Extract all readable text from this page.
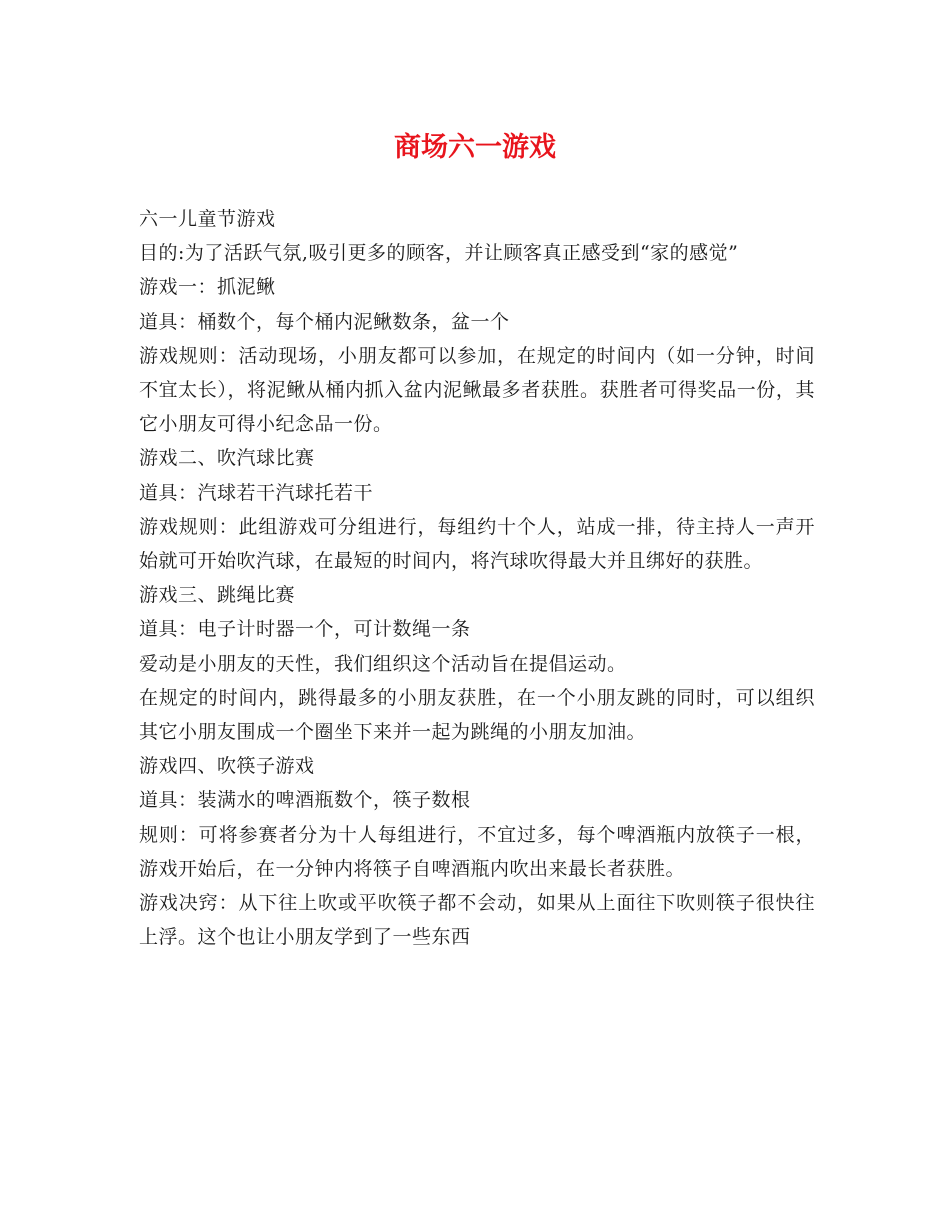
商场六一游戏

六一儿童节游戏

目的:为了活跃气氛,吸引更多的顾客，并让顾客真正感受到“家的感觉”

游戏一：抓泥鳅

道具：桶数个，每个桶内泥鳅数条，盆一个

游戏规则：活动现场，小朋友都可以参加，在规定的时间内（如一分钟，时间不宜太长），将泥鳅从桶内抓入盆内泥鳅最多者获胜。获胜者可得奖品一份，其它小朋友可得小纪念品一份。

游戏二、吹汽球比赛

道具：汽球若干汽球托若干

游戏规则：此组游戏可分组进行，每组约十个人，站成一排，待主持人一声开始就可开始吹汽球，在最短的时间内，将汽球吹得最大并且绑好的获胜。

游戏三、跳绳比赛

道具：电子计时器一个，可计数绳一条

爱动是小朋友的天性，我们组织这个活动旨在提倡运动。

在规定的时间内，跳得最多的小朋友获胜，在一个小朋友跳的同时，可以组织其它小朋友围成一个圈坐下来并一起为跳绳的小朋友加油。

游戏四、吹筷子游戏

道具：装满水的啤酒瓶数个，筷子数根

规则：可将参赛者分为十人每组进行，不宜过多，每个啤酒瓶内放筷子一根，游戏开始后，在一分钟内将筷子自啤酒瓶内吹出来最长者获胜。

游戏决窍：从下往上吹或平吹筷子都不会动，如果从上面往下吹则筷子很快往上浮。这个也让小朋友学到了一些东西
